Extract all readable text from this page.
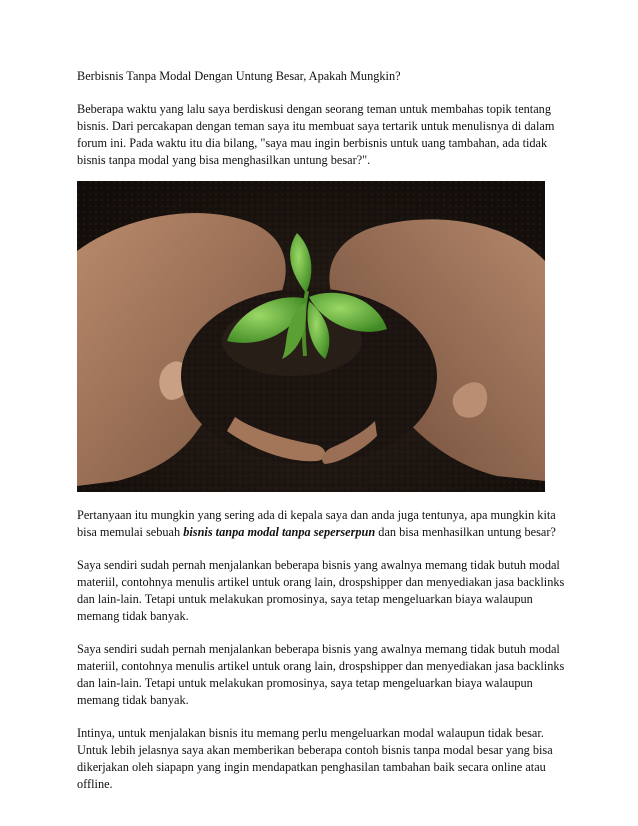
Berbisnis Tanpa Modal Dengan Untung Besar, Apakah Mungkin?

Beberapa waktu yang lalu saya berdiskusi dengan seorang teman untuk membahas topik tentang bisnis. Dari percakapan dengan teman saya itu membuat saya tertarik untuk menulisnya di dalam forum ini. Pada waktu itu dia bilang, "saya mau ingin berbisnis untuk uang tambahan, ada tidak bisnis tanpa modal yang bisa menghasilkan untung besar?".

Pertanyaan itu mungkin yang sering ada di kepala saya dan anda juga tentunya, apa mungkin kita bisa memulai sebuah bisnis tanpa modal tanpa seperserpun dan bisa menhasilkan untung besar?

Saya sendiri sudah pernah menjalankan beberapa bisnis yang awalnya memang tidak butuh modal materiil, contohnya menulis artikel untuk orang lain, drospshipper dan menyediakan jasa backlinks dan lain-lain. Tetapi untuk melakukan promosinya, saya tetap mengeluarkan biaya walaupun memang tidak banyak.

Saya sendiri sudah pernah menjalankan beberapa bisnis yang awalnya memang tidak butuh modal materiil, contohnya menulis artikel untuk orang lain, drospshipper dan menyediakan jasa backlinks dan lain-lain. Tetapi untuk melakukan promosinya, saya tetap mengeluarkan biaya walaupun memang tidak banyak.

Intinya, untuk menjalakan bisnis itu memang perlu mengeluarkan modal walaupun tidak besar. Untuk lebih jelasnya saya akan memberikan beberapa contoh bisnis tanpa modal besar yang bisa dikerjakan oleh siapapn yang ingin mendapatkan penghasilan tambahan baik secara online atau offline.
